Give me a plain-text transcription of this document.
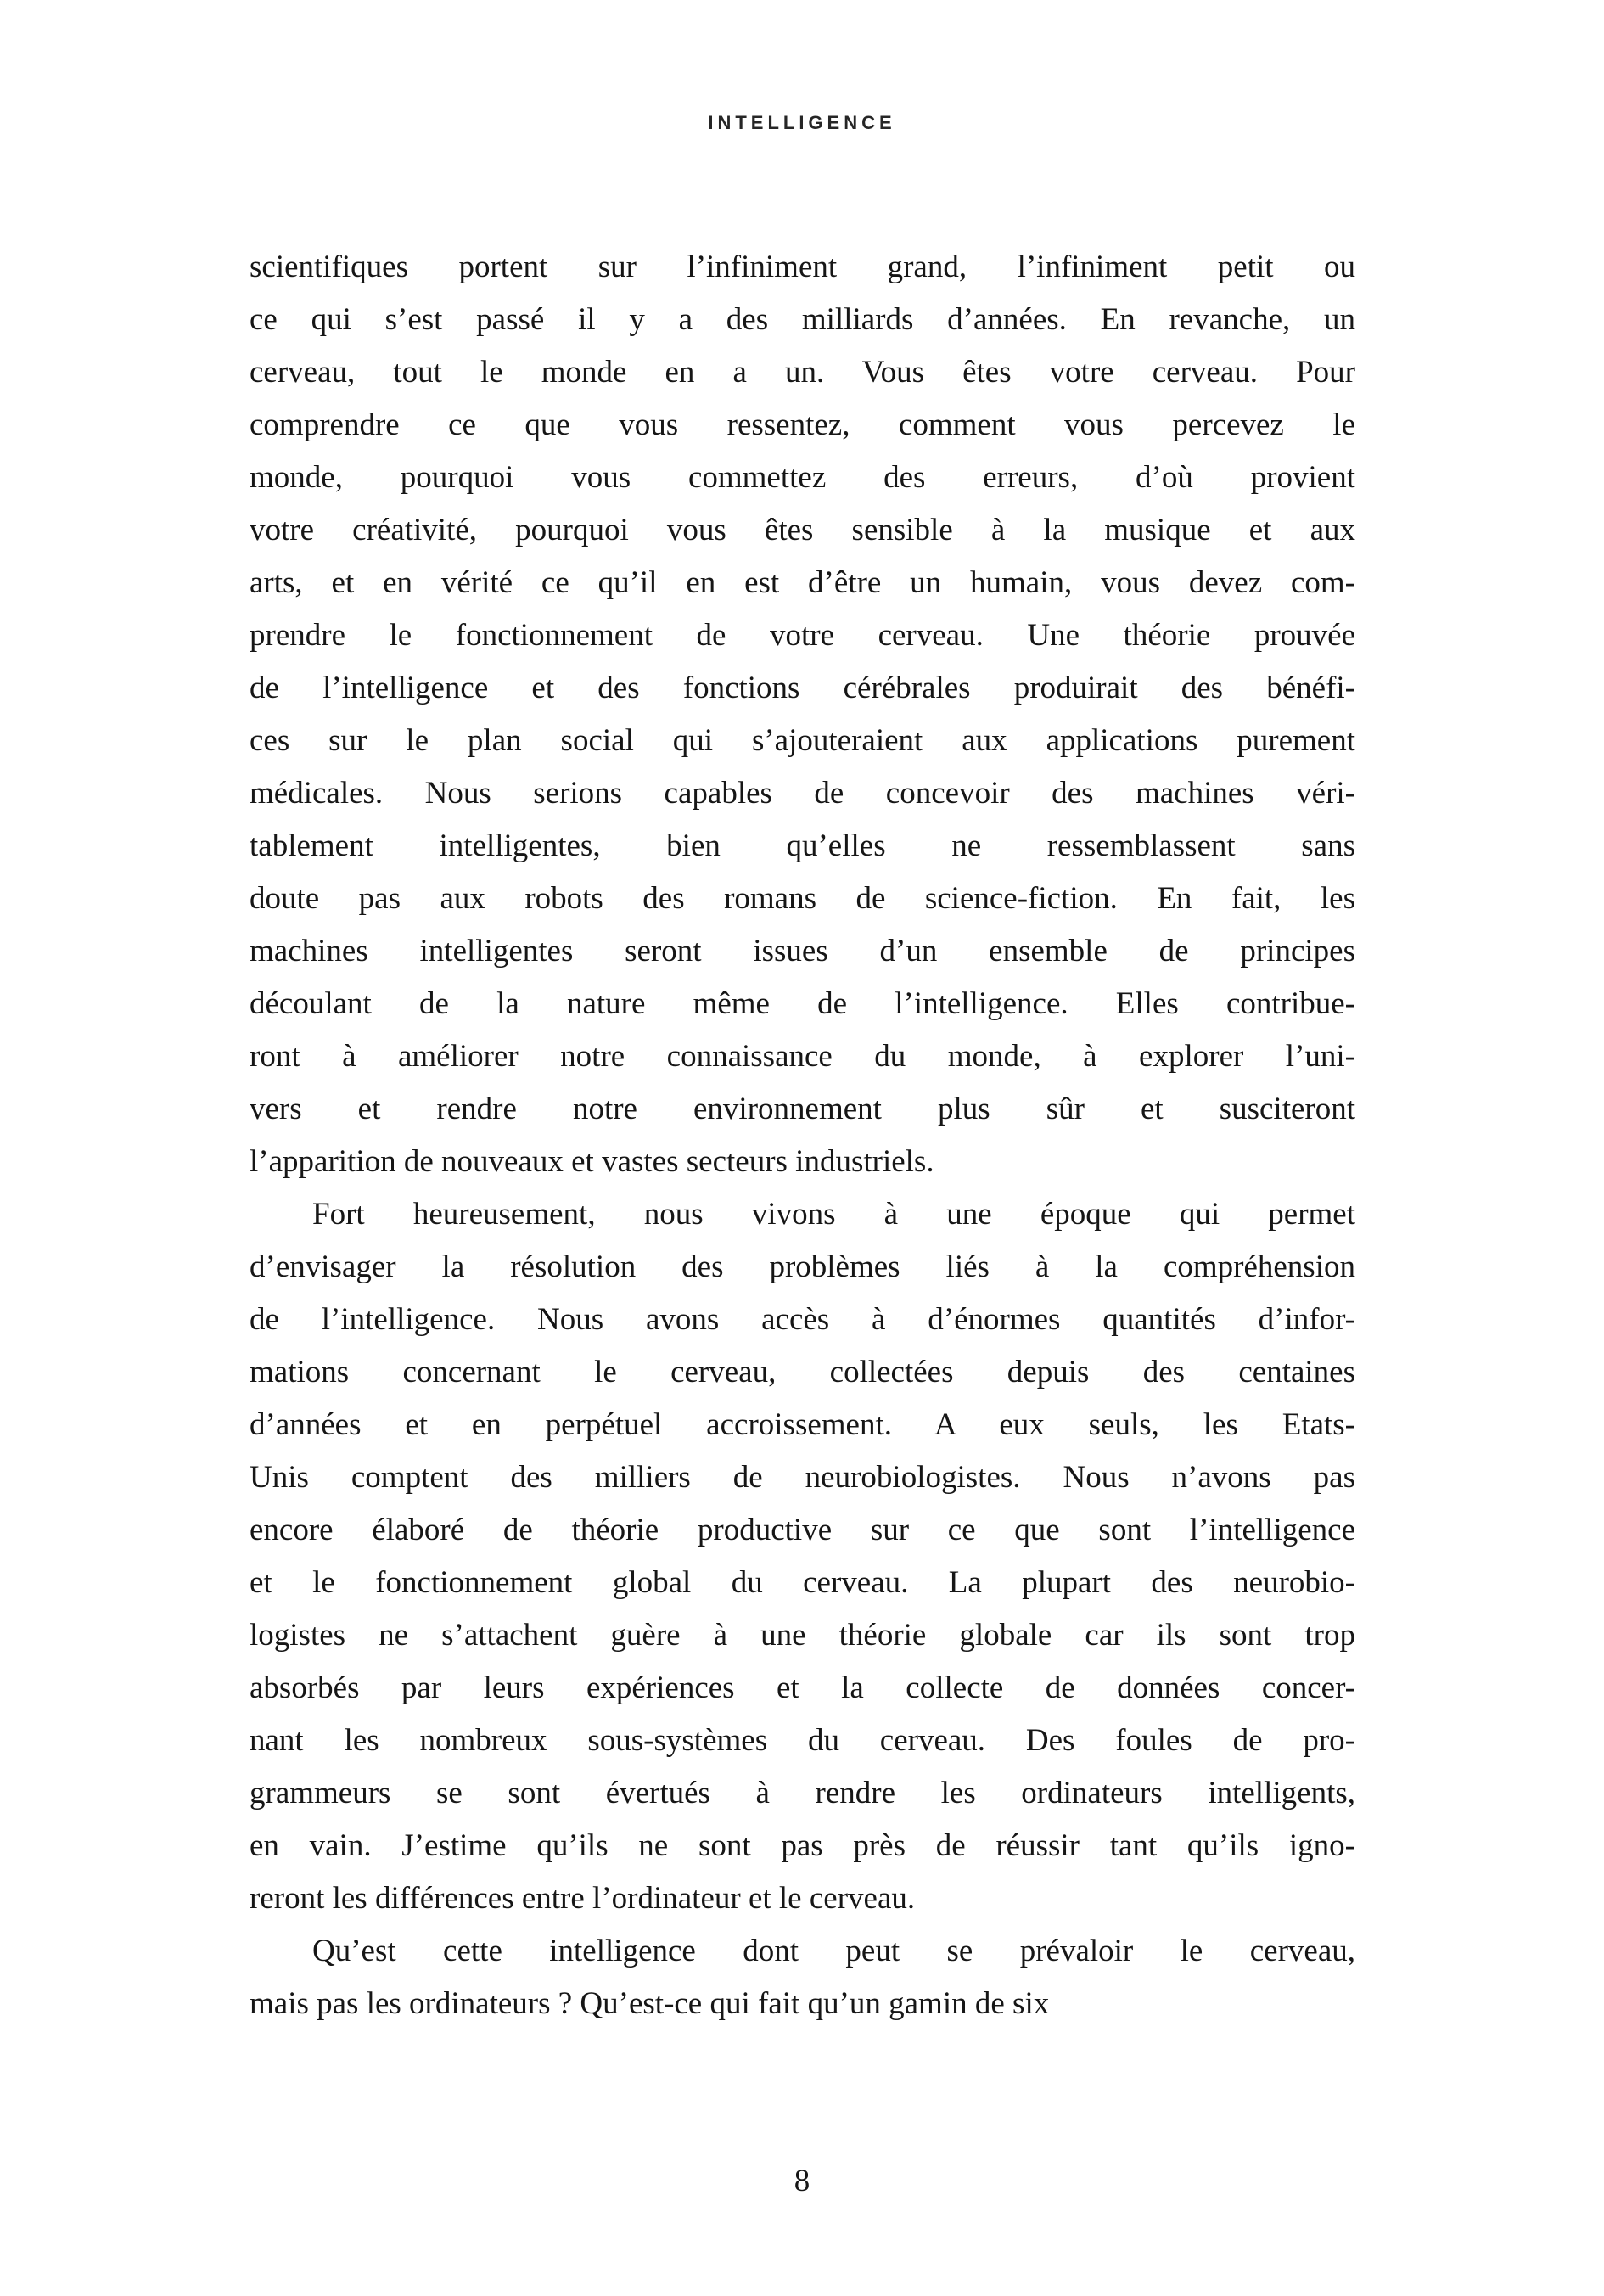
INTELLIGENCE
scientifiques portent sur l’infiniment grand, l’infiniment petit ou
ce qui s’est passé il y a des milliards d’années. En revanche, un
cerveau, tout le monde en a un. Vous êtes votre cerveau. Pour
comprendre ce que vous ressentez, comment vous percevez le
monde, pourquoi vous commettez des erreurs, d’où provient
votre créativité, pourquoi vous êtes sensible à la musique et aux
arts, et en vérité ce qu’il en est d’être un humain, vous devez com-
prendre le fonctionnement de votre cerveau. Une théorie prouvée
de l’intelligence et des fonctions cérébrales produirait des bénéfi-
ces sur le plan social qui s’ajouteraient aux applications purement
médicales. Nous serions capables de concevoir des machines véri-
tablement intelligentes, bien qu’elles ne ressemblassent sans
doute pas aux robots des romans de science-fiction. En fait, les
machines intelligentes seront issues d’un ensemble de principes
découlant de la nature même de l’intelligence. Elles contribue-
ront à améliorer notre connaissance du monde, à explorer l’uni-
vers et rendre notre environnement plus sûr et susciteront
l’apparition de nouveaux et vastes secteurs industriels.
Fort heureusement, nous vivons à une époque qui permet
d’envisager la résolution des problèmes liés à la compréhension
de l’intelligence. Nous avons accès à d’énormes quantités d’infor-
mations concernant le cerveau, collectées depuis des centaines
d’années et en perpétuel accroissement. A eux seuls, les Etats-
Unis comptent des milliers de neurobiologistes. Nous n’avons pas
encore élaboré de théorie productive sur ce que sont l’intelligence
et le fonctionnement global du cerveau. La plupart des neurobio-
logistes ne s’attachent guère à une théorie globale car ils sont trop
absorbés par leurs expériences et la collecte de données concer-
nant les nombreux sous-systèmes du cerveau. Des foules de pro-
grammeurs se sont évertués à rendre les ordinateurs intelligents,
en vain. J’estime qu’ils ne sont pas près de réussir tant qu’ils igno-
reront les différences entre l’ordinateur et le cerveau.
Qu’est cette intelligence dont peut se prévaloir le cerveau,
mais pas les ordinateurs ? Qu’est-ce qui fait qu’un gamin de six
8
